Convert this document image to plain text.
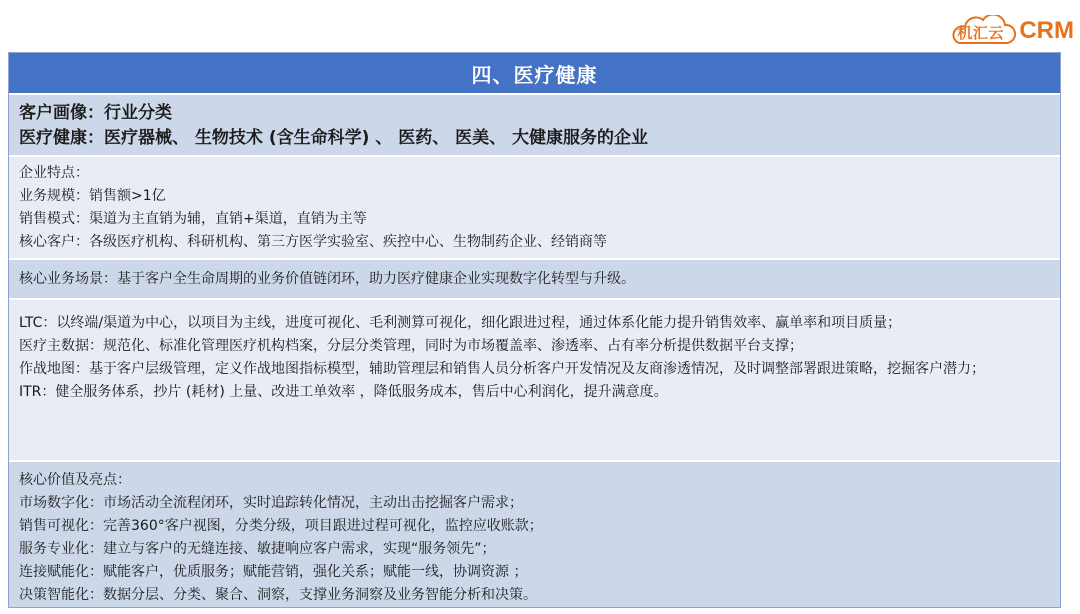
机汇云 CRM
四、医疗健康
客户画像：行业分类
医疗健康：医疗器械、 生物技术 (含生命科学) 、 医药、 医美、 大健康服务的企业
企业特点：
业务规模：销售额>1亿
销售模式：渠道为主直销为辅，直销+渠道，直销为主等
核心客户：各级医疗机构、科研机构、第三方医学实验室、疾控中心、生物制药企业、经销商等
核心业务场景：基于客户全生命周期的业务价值链闭环，助力医疗健康企业实现数字化转型与升级。
LTC：以终端/渠道为中心，以项目为主线，进度可视化、毛利测算可视化，细化跟进过程，通过体系化能力提升销售效率、赢单率和项目质量；
医疗主数据：规范化、标准化管理医疗机构档案，分层分类管理，同时为市场覆盖率、渗透率、占有率分析提供数据平台支撑；
作战地图：基于客户层级管理，定义作战地图指标模型，辅助管理层和销售人员分析客户开发情况及友商渗透情况，及时调整部署跟进策略，挖掘客户潜力；
ITR：健全服务体系，抄片 (耗材) 上量、改进工单效率 ，降低服务成本，售后中心利润化，提升满意度。
核心价值及亮点：
市场数字化：市场活动全流程闭环，实时追踪转化情况，主动出击挖掘客户需求；
销售可视化：完善360°客户视图，分类分级，项目跟进过程可视化，监控应收账款；
服务专业化：建立与客户的无缝连接、敏捷响应客户需求，实现“服务领先”；
连接赋能化：赋能客户，优质服务；赋能营销，强化关系；赋能一线，协调资源 ；
决策智能化：数据分层、分类、聚合、洞察，支撑业务洞察及业务智能分析和决策。
